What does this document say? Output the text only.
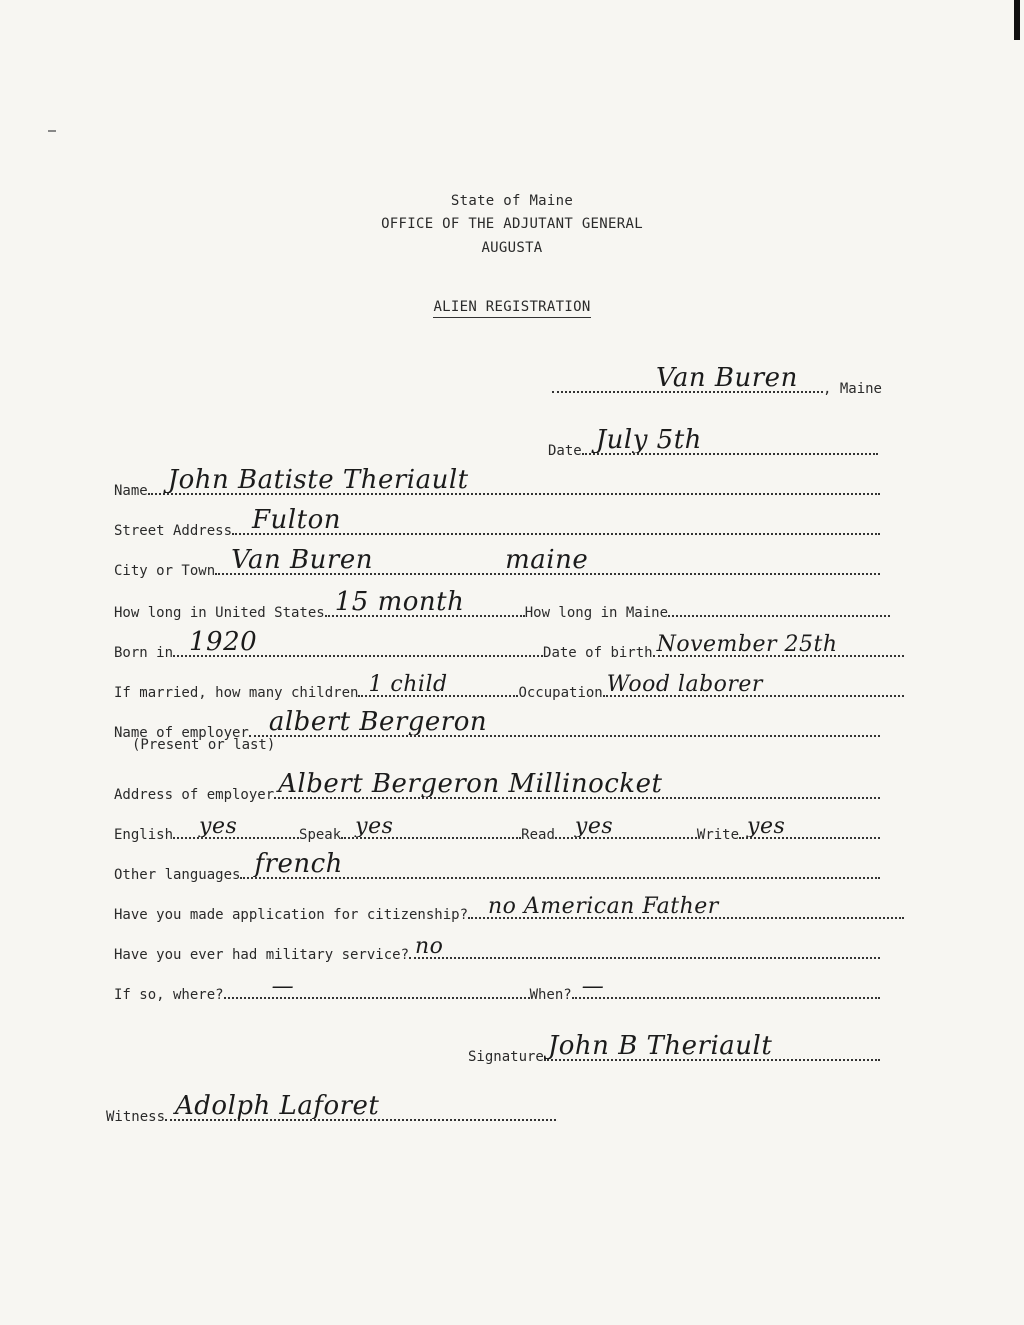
State of Maine
OFFICE OF THE ADJUTANT GENERAL
AUGUSTA
ALIEN REGISTRATION
Van Buren , Maine
Date July 5th
Name John Batiste Theriault
Street Address Fulton
City or Town Van Buren	maine
How long in United States 15 month	How long in Maine
Born in 1920	Date of birth November 25th
If married, how many children 1 child	Occupation Wood laborer
Name of employer albert Bergeron
(Present or last)
Address of employer Albert Bergeron Millinocket
English yes	Speak yes	Read yes	Write yes
Other languages french
Have you made application for citizenship? no American Father
Have you ever had military service? no
If so, where? —	When? —
Signature John B Theriault
Witness Adolph Laforet
